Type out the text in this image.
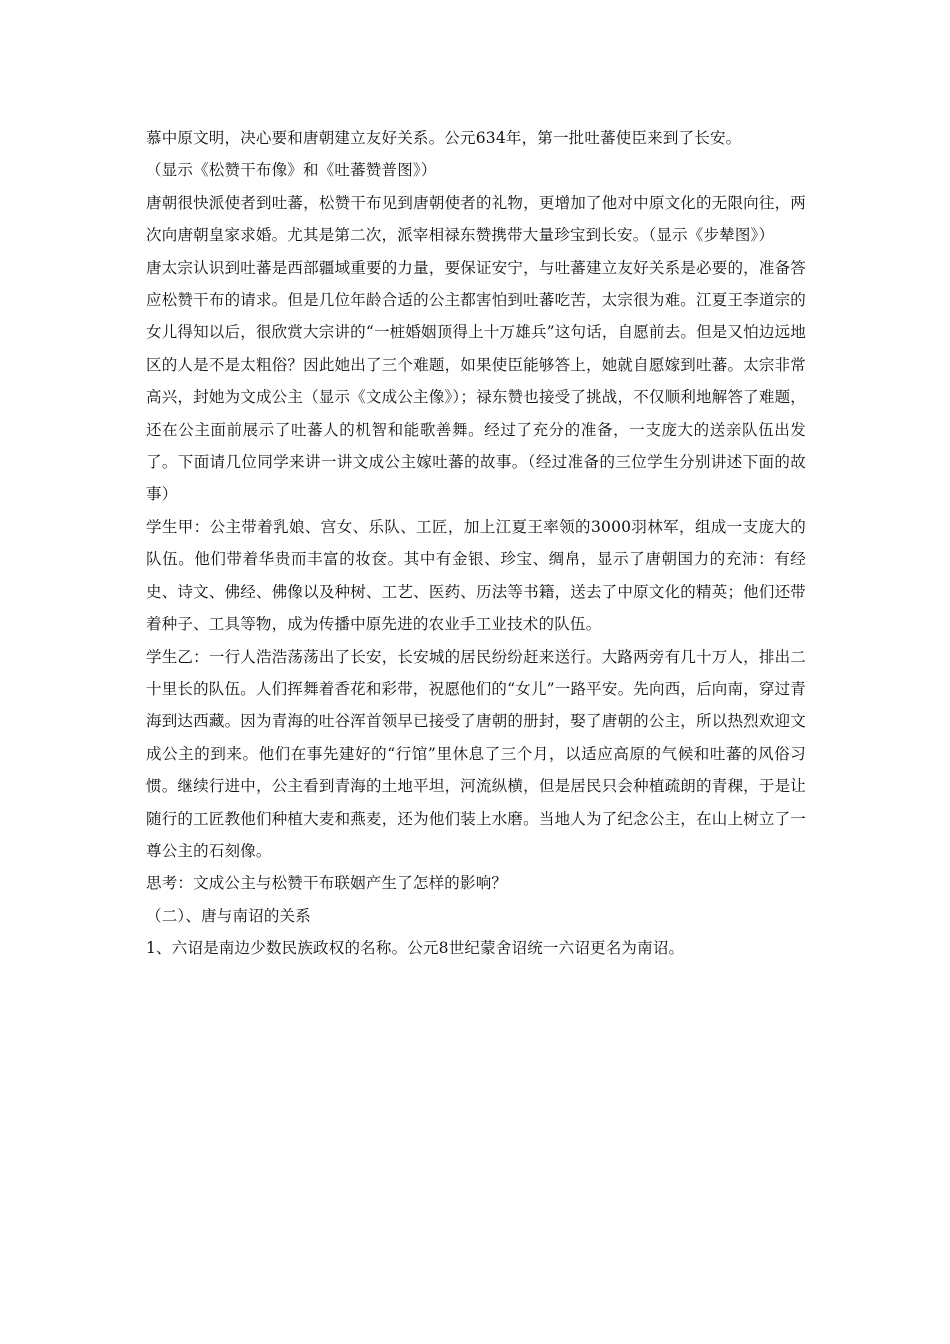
慕中原文明，决心要和唐朝建立友好关系。公元634年，第一批吐蕃使臣来到了长安。

（显示《松赞干布像》和《吐蕃赞普图》）

唐朝很快派使者到吐蕃，松赞干布见到唐朝使者的礼物，更增加了他对中原文化的无限向往，两次向唐朝皇家求婚。尤其是第二次，派宰相禄东赞携带大量珍宝到长安。（显示《步辇图》）

唐太宗认识到吐蕃是西部疆域重要的力量，要保证安宁，与吐蕃建立友好关系是必要的，准备答应松赞干布的请求。但是几位年龄合适的公主都害怕到吐蕃吃苦，太宗很为难。江夏王李道宗的女儿得知以后，很欣赏大宗讲的“一桩婚姻顶得上十万雄兵”这句话，自愿前去。但是又怕边远地区的人是不是太粗俗？因此她出了三个难题，如果使臣能够答上，她就自愿嫁到吐蕃。太宗非常高兴，封她为文成公主（显示《文成公主像》）；禄东赞也接受了挑战，不仅顺利地解答了难题，还在公主面前展示了吐蕃人的机智和能歌善舞。经过了充分的准备，一支庞大的送亲队伍出发了。下面请几位同学来讲一讲文成公主嫁吐蕃的故事。（经过准备的三位学生分别讲述下面的故事）

学生甲：公主带着乳娘、宫女、乐队、工匠，加上江夏王率领的3000羽林军，组成一支庞大的队伍。他们带着华贵而丰富的妆奁。其中有金银、珍宝、绸帛，显示了唐朝国力的充沛：有经史、诗文、佛经、佛像以及种树、工艺、医药、历法等书籍，送去了中原文化的精英；他们还带着种子、工具等物，成为传播中原先进的农业手工业技术的队伍。

学生乙：一行人浩浩荡荡出了长安，长安城的居民纷纷赶来送行。大路两旁有几十万人，排出二十里长的队伍。人们挥舞着香花和彩带，祝愿他们的“女儿”一路平安。先向西，后向南，穿过青海到达西藏。因为青海的吐谷浑首领早已接受了唐朝的册封，娶了唐朝的公主，所以热烈欢迎文成公主的到来。他们在事先建好的“行馆”里休息了三个月，以适应高原的气候和吐蕃的风俗习惯。继续行进中，公主看到青海的土地平坦，河流纵横，但是居民只会种植疏朗的青稞，于是让随行的工匠教他们种植大麦和燕麦，还为他们装上水磨。当地人为了纪念公主，在山上树立了一尊公主的石刻像。

思考：文成公主与松赞干布联姻产生了怎样的影响？

（二）、唐与南诏的关系

1、六诏是南边少数民族政权的名称。公元8世纪蒙舍诏统一六诏更名为南诏。
